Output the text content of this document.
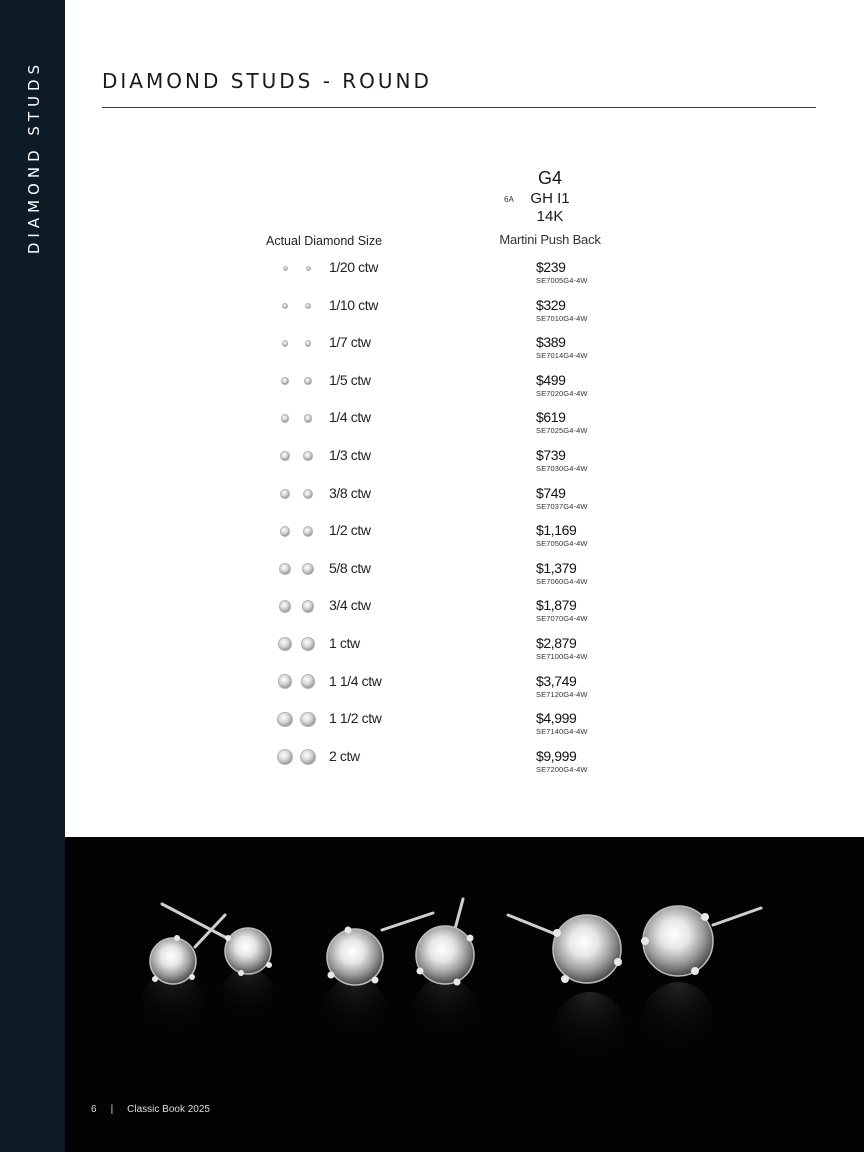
DIAMOND STUDS	DIAMOND STUDS - ROUND
6A
G4
GH I1
14K
Martini Push Back
Actual Diamond Size
1/20 ctw	$239
SE7005G4-4W
1/10 ctw	$329
SE7010G4-4W
1/7 ctw	$389
SE7014G4-4W
1/5 ctw	$499
SE7020G4-4W
1/4 ctw	$619
SE7025G4-4W
1/3 ctw	$739
SE7030G4-4W
3/8 ctw	$749
SE7037G4-4W
1/2 ctw	$1,169
SE7050G4-4W
5/8 ctw	$1,379
SE7060G4-4W
3/4 ctw	$1,879
SE7070G4-4W
1 ctw	$2,879
SE7100G4-4W
1 1/4 ctw	$3,749
SE7120G4-4W
1 1/2 ctw	$4,999
SE7140G4-4W
2 ctw	$9,999
SE7200G4-4W
6 | Classic Book 2025
